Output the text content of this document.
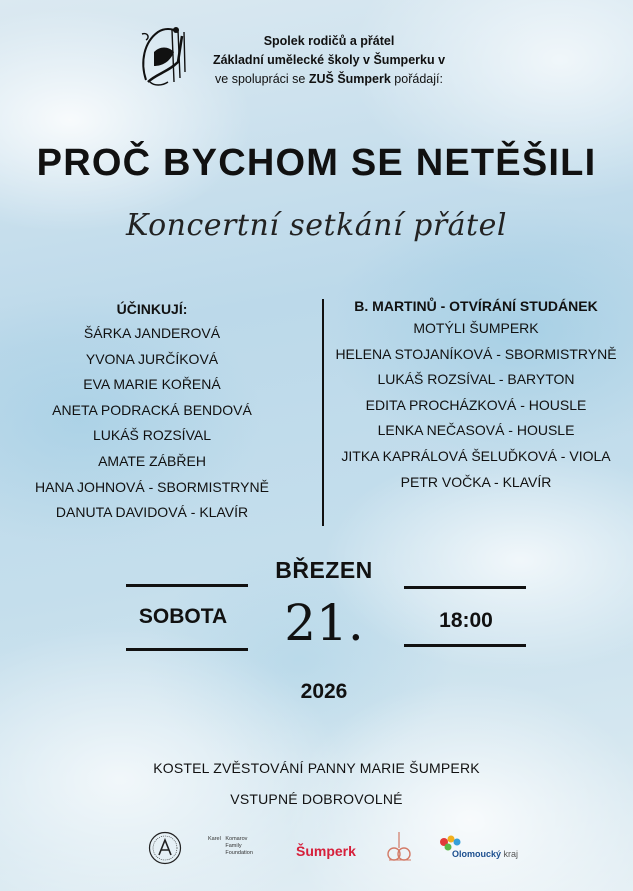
Spolek rodičů a přátel
Základní umělecké školy v Šumperku v
ve spolupráci se ZUŠ Šumperk pořádají:
PROČ BYCHOM SE NETĚŠILI
Koncertní setkání přátel
ÚČINKUJÍ:
ŠÁRKA JANDEROVÁ
YVONA JURČÍKOVÁ
EVA MARIE KOŘENÁ
ANETA PODRACKÁ BENDOVÁ
LUKÁŠ ROZSÍVAL
AMATE ZÁBŘEH
HANA JOHNOVÁ - SBORMISTRYNĚ
DANUTA DAVIDOVÁ - KLAVÍR
B. MARTINŮ - OTVÍRÁNÍ STUDÁNEK
MOTÝLI ŠUMPERK
HELENA STOJANÍKOVÁ - SBORMISTRYNĚ
LUKÁŠ ROZSÍVAL - BARYTON
EDITA PROCHÁZKOVÁ - HOUSLE
LENKA NEČASOVÁ - HOUSLE
JITKA KAPRÁLOVÁ ŠELUĎKOVÁ - VIOLA
PETR VOČKA - KLAVÍR
BŘEZEN
SOBOTA	21.	18:00
2026
KOSTEL ZVĚSTOVÁNÍ PANNY MARIE ŠUMPERK
VSTUPNÉ DOBROVOLNÉ
Karel Komarov
Family
Foundation	Šumperk	Olomoucký kraj
